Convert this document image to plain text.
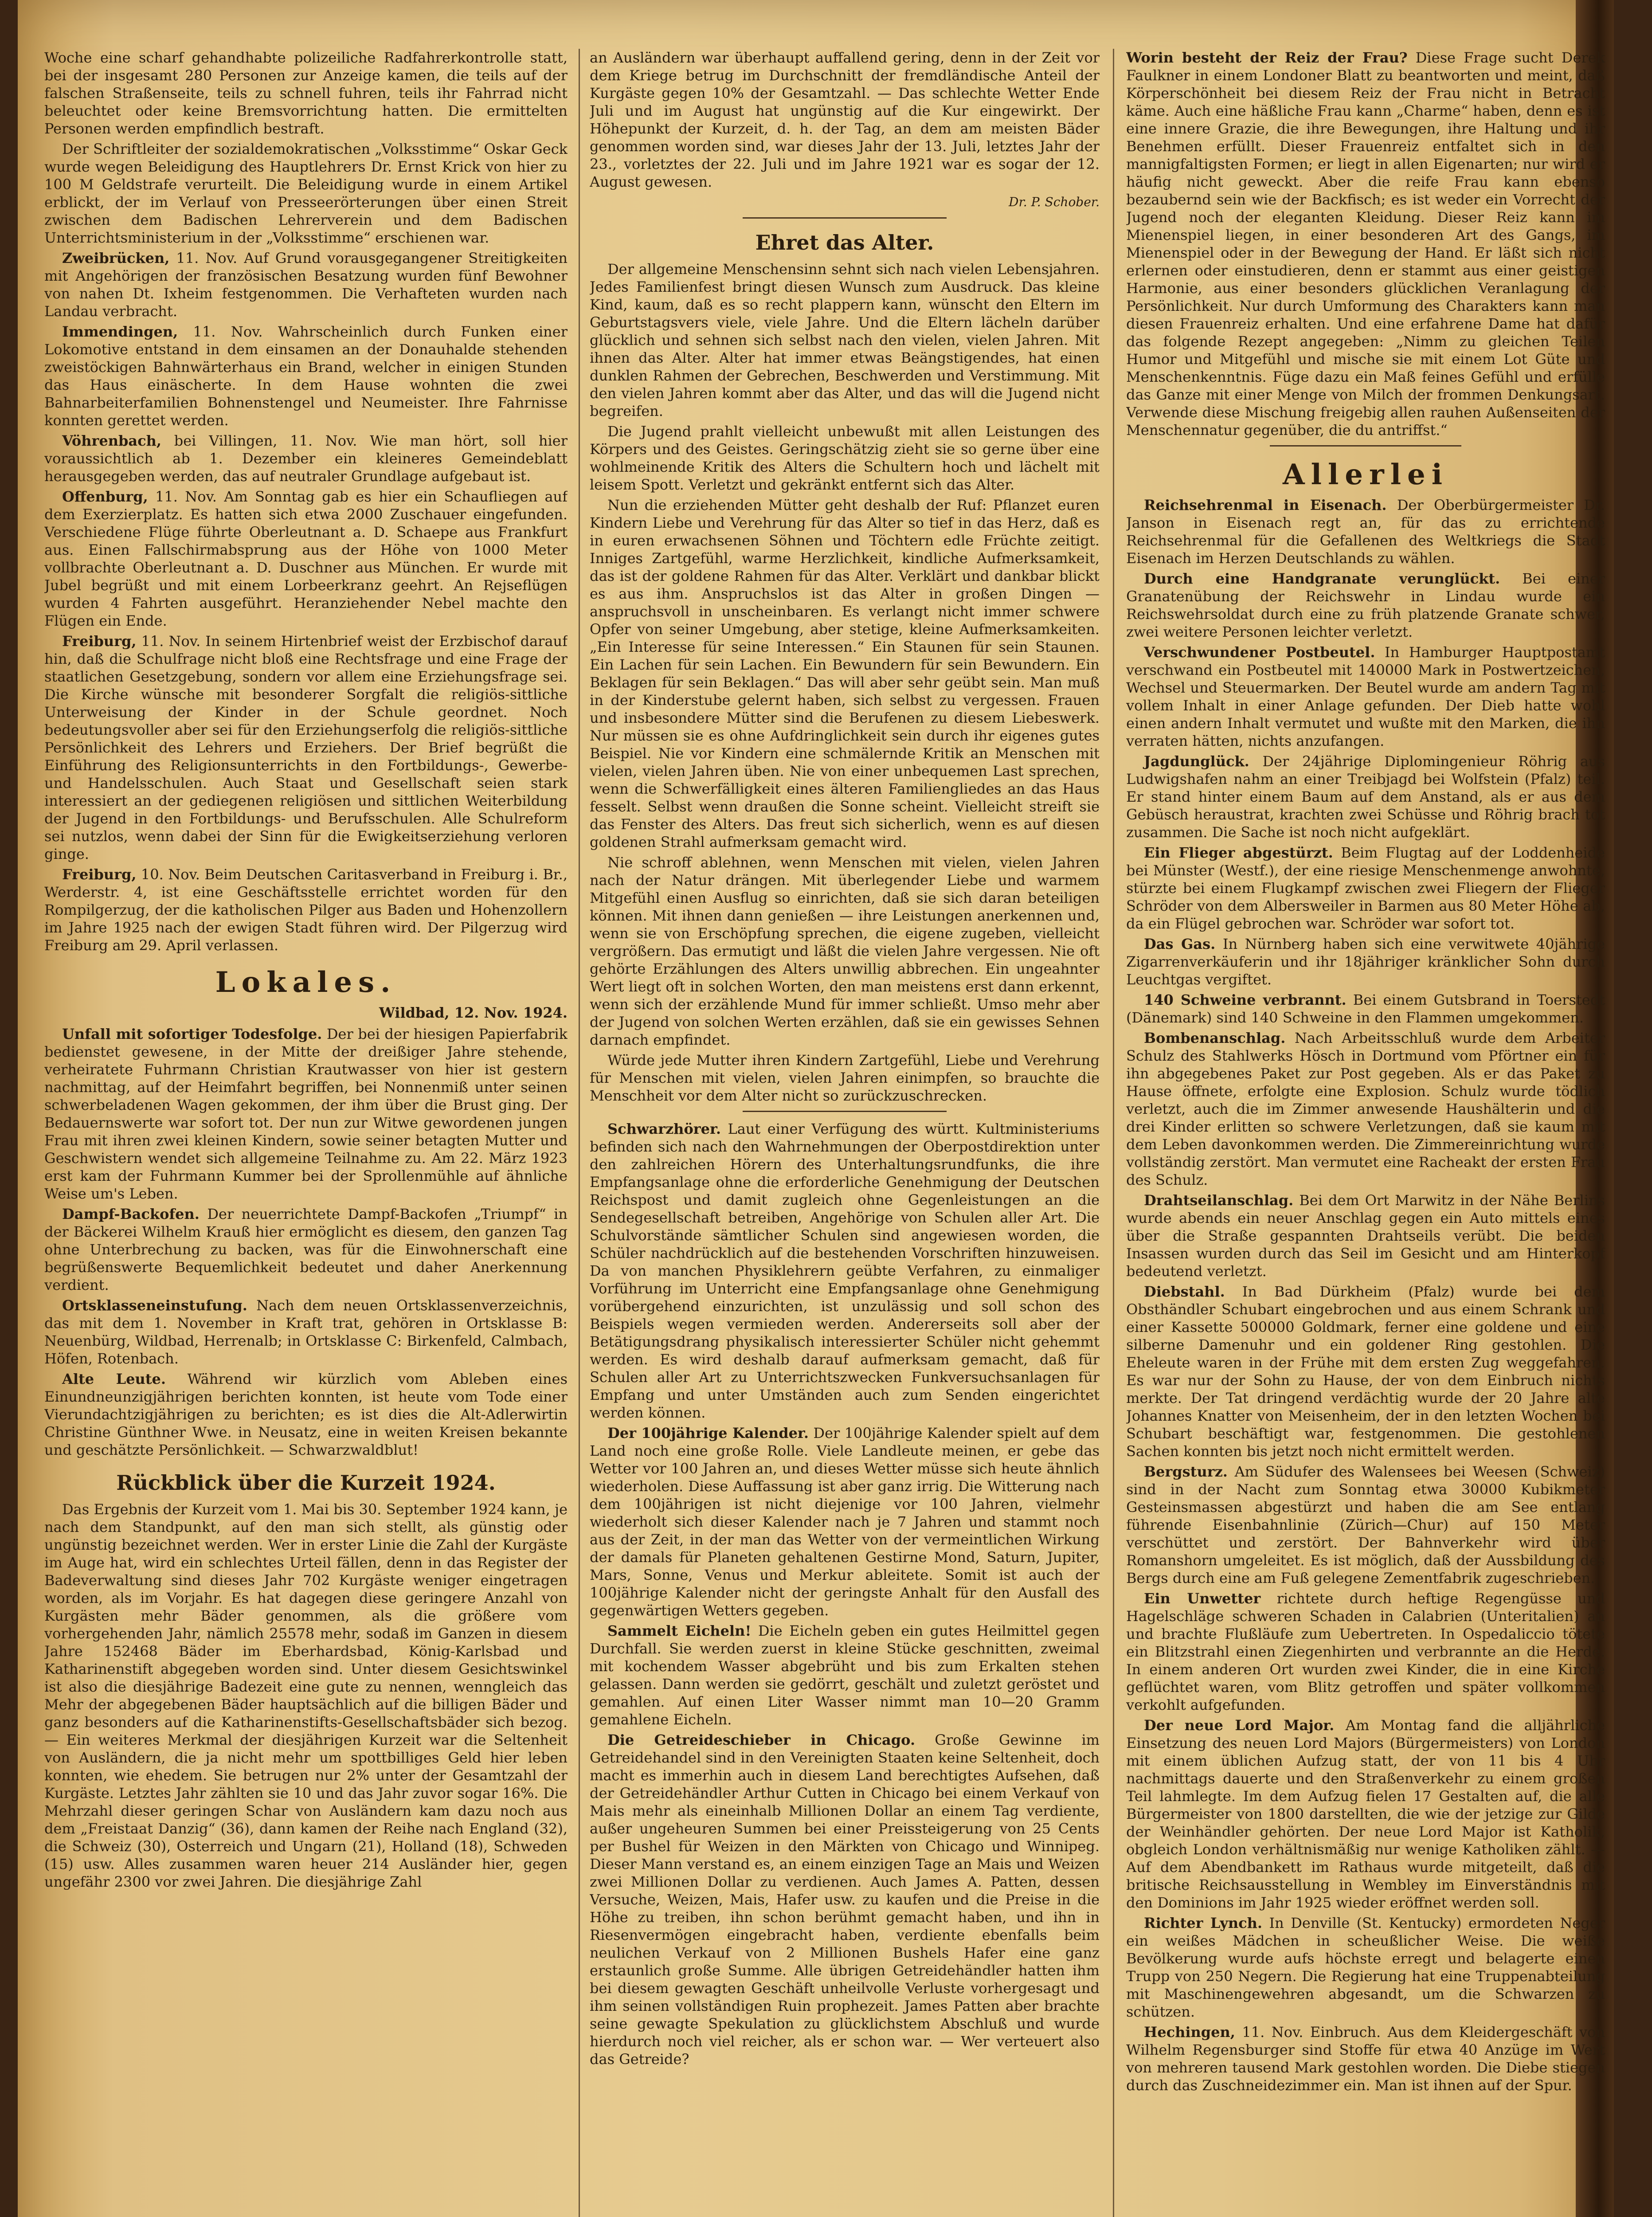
Woche eine scharf gehandhabte polizeiliche Radfahrerkontrolle statt, bei der insgesamt 280 Personen zur Anzeige kamen, die teils auf der falschen Straßenseite, teils zu schnell fuhren, teils ihr Fahrrad nicht beleuchtet oder keine Bremsvorrichtung hatten. Die ermittelten Personen werden empfindlich bestraft.

Der Schriftleiter der sozialdemokratischen „Volksstimme“ Oskar Geck wurde wegen Beleidigung des Hauptlehrers Dr. Ernst Krick von hier zu 100 M Geldstrafe verurteilt. Die Beleidigung wurde in einem Artikel erblickt, der im Verlauf von Presseerörterungen über einen Streit zwischen dem Badischen Lehrerverein und dem Badischen Unterrichtsministerium in der „Volksstimme“ erschienen war.

Zweibrücken, 11. Nov. Auf Grund vorausgegangener Streitigkeiten mit Angehörigen der französischen Besatzung wurden fünf Bewohner von nahen Dt. Ixheim festgenommen. Die Verhafteten wurden nach Landau verbracht.

Immendingen, 11. Nov. Wahrscheinlich durch Funken einer Lokomotive entstand in dem einsamen an der Donauhalde stehenden zweistöckigen Bahnwärterhaus ein Brand, welcher in einigen Stunden das Haus einäscherte. In dem Hause wohnten die zwei Bahnarbeiterfamilien Bohnenstengel und Neumeister. Ihre Fahrnisse konnten gerettet werden.

Vöhrenbach, bei Villingen, 11. Nov. Wie man hört, soll hier voraussichtlich ab 1. Dezember ein kleineres Gemeindeblatt herausgegeben werden, das auf neutraler Grundlage aufgebaut ist.

Offenburg, 11. Nov. Am Sonntag gab es hier ein Schaufliegen auf dem Exerzierplatz. Es hatten sich etwa 2000 Zuschauer eingefunden. Verschiedene Flüge führte Oberleutnant a. D. Schaepe aus Frankfurt aus. Einen Fallschirmabsprung aus der Höhe von 1000 Meter vollbrachte Oberleutnant a. D. Duschner aus München. Er wurde mit Jubel begrüßt und mit einem Lorbeerkranz geehrt. An Rejseflügen wurden 4 Fahrten ausgeführt. Heranziehender Nebel machte den Flügen ein Ende.

Freiburg, 11. Nov. In seinem Hirtenbrief weist der Erzbischof darauf hin, daß die Schulfrage nicht bloß eine Rechtsfrage und eine Frage der staatlichen Gesetzgebung, sondern vor allem eine Erziehungsfrage sei. Die Kirche wünsche mit besonderer Sorgfalt die religiös-sittliche Unterweisung der Kinder in der Schule geordnet. Noch bedeutungsvoller aber sei für den Erziehungserfolg die religiös-sittliche Persönlichkeit des Lehrers und Erziehers. Der Brief begrüßt die Einführung des Religionsunterrichts in den Fortbildungs-, Gewerbe- und Handelsschulen. Auch Staat und Gesellschaft seien stark interessiert an der gediegenen religiösen und sittlichen Weiterbildung der Jugend in den Fortbildungs- und Berufsschulen. Alle Schulreform sei nutzlos, wenn dabei der Sinn für die Ewigkeitserziehung verloren ginge.

Freiburg, 10. Nov. Beim Deutschen Caritasverband in Freiburg i. Br., Werderstr. 4, ist eine Geschäftsstelle errichtet worden für den Rompilgerzug, der die katholischen Pilger aus Baden und Hohenzollern im Jahre 1925 nach der ewigen Stadt führen wird. Der Pilgerzug wird Freiburg am 29. April verlassen.

Lokales.

Wildbad, 12. Nov. 1924.

Unfall mit sofortiger Todesfolge. Der bei der hiesigen Papierfabrik bedienstet gewesene, in der Mitte der dreißiger Jahre stehende, verheiratete Fuhrmann Christian Krautwasser von hier ist gestern nachmittag, auf der Heimfahrt begriffen, bei Nonnenmiß unter seinen schwerbeladenen Wagen gekommen, der ihm über die Brust ging. Der Bedauernswerte war sofort tot. Der nun zur Witwe gewordenen jungen Frau mit ihren zwei kleinen Kindern, sowie seiner betagten Mutter und Geschwistern wendet sich allgemeine Teilnahme zu. Am 22. März 1923 erst kam der Fuhrmann Kummer bei der Sprollenmühle auf ähnliche Weise um's Leben.

Dampf-Backofen. Der neuerrichtete Dampf-Backofen „Triumpf“ in der Bäckerei Wilhelm Krauß hier ermöglicht es diesem, den ganzen Tag ohne Unterbrechung zu backen, was für die Einwohnerschaft eine begrüßenswerte Bequemlichkeit bedeutet und daher Anerkennung verdient.

Ortsklasseneinstufung. Nach dem neuen Ortsklassenverzeichnis, das mit dem 1. November in Kraft trat, gehören in Ortsklasse B: Neuenbürg, Wildbad, Herrenalb; in Ortsklasse C: Birkenfeld, Calmbach, Höfen, Rotenbach.

Alte Leute. Während wir kürzlich vom Ableben eines Einundneunzigjährigen berichten konnten, ist heute vom Tode einer Vierundachtzigjährigen zu berichten; es ist dies die Alt-Adlerwirtin Christine Günthner Wwe. in Neusatz, eine in weiten Kreisen bekannte und geschätzte Persönlichkeit. — Schwarzwaldblut!

Rückblick über die Kurzeit 1924.

Das Ergebnis der Kurzeit vom 1. Mai bis 30. September 1924 kann, je nach dem Standpunkt, auf den man sich stellt, als günstig oder ungünstig bezeichnet werden. Wer in erster Linie die Zahl der Kurgäste im Auge hat, wird ein schlechtes Urteil fällen, denn in das Register der Badeverwaltung sind dieses Jahr 702 Kurgäste weniger eingetragen worden, als im Vorjahr. Es hat dagegen diese geringere Anzahl von Kurgästen mehr Bäder genommen, als die größere vom vorhergehenden Jahr, nämlich 25578 mehr, sodaß im Ganzen in diesem Jahre 152468 Bäder im Eberhardsbad, König-Karlsbad und Katharinenstift abgegeben worden sind. Unter diesem Gesichtswinkel ist also die diesjährige Badezeit eine gute zu nennen, wenngleich das Mehr der abgegebenen Bäder hauptsächlich auf die billigen Bäder und ganz besonders auf die Katharinenstifts-Gesellschaftsbäder sich bezog. — Ein weiteres Merkmal der diesjährigen Kurzeit war die Seltenheit von Ausländern, die ja nicht mehr um spottbilliges Geld hier leben konnten, wie ehedem. Sie betrugen nur 2% unter der Gesamtzahl der Kurgäste. Letztes Jahr zählten sie 10 und das Jahr zuvor sogar 16%. Die Mehrzahl dieser geringen Schar von Ausländern kam dazu noch aus dem „Freistaat Danzig“ (36), dann kamen der Reihe nach England (32), die Schweiz (30), Osterreich und Ungarn (21), Holland (18), Schweden (15) usw. Alles zusammen waren heuer 214 Ausländer hier, gegen ungefähr 2300 vor zwei Jahren. Die diesjährige Zahl

an Ausländern war überhaupt auffallend gering, denn in der Zeit vor dem Kriege betrug im Durchschnitt der fremdländische Anteil der Kurgäste gegen 10% der Gesamtzahl. — Das schlechte Wetter Ende Juli und im August hat ungünstig auf die Kur eingewirkt. Der Höhepunkt der Kurzeit, d. h. der Tag, an dem am meisten Bäder genommen worden sind, war dieses Jahr der 13. Juli, letztes Jahr der 23., vorletztes der 22. Juli und im Jahre 1921 war es sogar der 12. August gewesen.

Dr. P. Schober.

Ehret das Alter.

Der allgemeine Menschensinn sehnt sich nach vielen Lebensjahren. Jedes Familienfest bringt diesen Wunsch zum Ausdruck. Das kleine Kind, kaum, daß es so recht plappern kann, wünscht den Eltern im Geburtstagsvers viele, viele Jahre. Und die Eltern lächeln darüber glücklich und sehnen sich selbst nach den vielen, vielen Jahren. Mit ihnen das Alter. Alter hat immer etwas Beängstigendes, hat einen dunklen Rahmen der Gebrechen, Beschwerden und Verstimmung. Mit den vielen Jahren kommt aber das Alter, und das will die Jugend nicht begreifen.

Die Jugend prahlt vielleicht unbewußt mit allen Leistungen des Körpers und des Geistes. Geringschätzig zieht sie so gerne über eine wohlmeinende Kritik des Alters die Schultern hoch und lächelt mit leisem Spott. Verletzt und gekränkt entfernt sich das Alter.

Nun die erziehenden Mütter geht deshalb der Ruf: Pflanzet euren Kindern Liebe und Verehrung für das Alter so tief in das Herz, daß es in euren erwachsenen Söhnen und Töchtern edle Früchte zeitigt. Inniges Zartgefühl, warme Herzlichkeit, kindliche Aufmerksamkeit, das ist der goldene Rahmen für das Alter. Verklärt und dankbar blickt es aus ihm. Anspruchslos ist das Alter in großen Dingen — anspruchsvoll in unscheinbaren. Es verlangt nicht immer schwere Opfer von seiner Umgebung, aber stetige, kleine Aufmerksamkeiten. „Ein Interesse für seine Interessen.“ Ein Staunen für sein Staunen. Ein Lachen für sein Lachen. Ein Bewundern für sein Bewundern. Ein Beklagen für sein Beklagen.“ Das will aber sehr geübt sein. Man muß in der Kinderstube gelernt haben, sich selbst zu vergessen. Frauen und insbesondere Mütter sind die Berufenen zu diesem Liebeswerk. Nur müssen sie es ohne Aufdringlichkeit sein durch ihr eigenes gutes Beispiel. Nie vor Kindern eine schmälernde Kritik an Menschen mit vielen, vielen Jahren üben. Nie von einer unbequemen Last sprechen, wenn die Schwerfälligkeit eines älteren Familiengliedes an das Haus fesselt. Selbst wenn draußen die Sonne scheint. Vielleicht streift sie das Fenster des Alters. Das freut sich sicherlich, wenn es auf diesen goldenen Strahl aufmerksam gemacht wird.

Nie schroff ablehnen, wenn Menschen mit vielen, vielen Jahren nach der Natur drängen. Mit überlegender Liebe und warmem Mitgefühl einen Ausflug so einrichten, daß sie sich daran beteiligen können. Mit ihnen dann genießen — ihre Leistungen anerkennen und, wenn sie von Erschöpfung sprechen, die eigene zugeben, vielleicht vergrößern. Das ermutigt und läßt die vielen Jahre vergessen. Nie oft gehörte Erzählungen des Alters unwillig abbrechen. Ein ungeahnter Wert liegt oft in solchen Worten, den man meistens erst dann erkennt, wenn sich der erzählende Mund für immer schließt. Umso mehr aber der Jugend von solchen Werten erzählen, daß sie ein gewisses Sehnen darnach empfindet.

Würde jede Mutter ihren Kindern Zartgefühl, Liebe und Verehrung für Menschen mit vielen, vielen Jahren einimpfen, so brauchte die Menschheit vor dem Alter nicht so zurückzuschrecken.

Schwarzhörer. Laut einer Verfügung des württ. Kultministeriums befinden sich nach den Wahrnehmungen der Oberpostdirektion unter den zahlreichen Hörern des Unterhaltungsrundfunks, die ihre Empfangsanlage ohne die erforderliche Genehmigung der Deutschen Reichspost und damit zugleich ohne Gegenleistungen an die Sendegesellschaft betreiben, Angehörige von Schulen aller Art. Die Schulvorstände sämtlicher Schulen sind angewiesen worden, die Schüler nachdrücklich auf die bestehenden Vorschriften hinzuweisen. Da von manchen Physiklehrern geübte Verfahren, zu einmaliger Vorführung im Unterricht eine Empfangsanlage ohne Genehmigung vorübergehend einzurichten, ist unzulässig und soll schon des Beispiels wegen vermieden werden. Andererseits soll aber der Betätigungsdrang physikalisch interessierter Schüler nicht gehemmt werden. Es wird deshalb darauf aufmerksam gemacht, daß für Schulen aller Art zu Unterrichtszwecken Funkversuchsanlagen für Empfang und unter Umständen auch zum Senden eingerichtet werden können.

Der 100jährige Kalender. Der 100jährige Kalender spielt auf dem Land noch eine große Rolle. Viele Landleute meinen, er gebe das Wetter vor 100 Jahren an, und dieses Wetter müsse sich heute ähnlich wiederholen. Diese Auffassung ist aber ganz irrig. Die Witterung nach dem 100jährigen ist nicht diejenige vor 100 Jahren, vielmehr wiederholt sich dieser Kalender nach je 7 Jahren und stammt noch aus der Zeit, in der man das Wetter von der vermeintlichen Wirkung der damals für Planeten gehaltenen Gestirne Mond, Saturn, Jupiter, Mars, Sonne, Venus und Merkur ableitete. Somit ist auch der 100jährige Kalender nicht der geringste Anhalt für den Ausfall des gegenwärtigen Wetters gegeben.

Sammelt Eicheln! Die Eicheln geben ein gutes Heilmittel gegen Durchfall. Sie werden zuerst in kleine Stücke geschnitten, zweimal mit kochendem Wasser abgebrüht und bis zum Erkalten stehen gelassen. Dann werden sie gedörrt, geschält und zuletzt geröstet und gemahlen. Auf einen Liter Wasser nimmt man 10—20 Gramm gemahlene Eicheln.

Die Getreideschieber in Chicago. Große Gewinne im Getreidehandel sind in den Vereinigten Staaten keine Seltenheit, doch macht es immerhin auch in diesem Land berechtigtes Aufsehen, daß der Getreidehändler Arthur Cutten in Chicago bei einem Verkauf von Mais mehr als eineinhalb Millionen Dollar an einem Tag verdiente, außer ungeheuren Summen bei einer Preissteigerung von 25 Cents per Bushel für Weizen in den Märkten von Chicago und Winnipeg. Dieser Mann verstand es, an einem einzigen Tage an Mais und Weizen zwei Millionen Dollar zu verdienen. Auch James A. Patten, dessen Versuche, Weizen, Mais, Hafer usw. zu kaufen und die Preise in die Höhe zu treiben, ihn schon berühmt gemacht haben, und ihn in Riesenvermögen eingebracht haben, verdiente ebenfalls beim neulichen Verkauf von 2 Millionen Bushels Hafer eine ganz erstaunlich große Summe. Alle übrigen Getreidehändler hatten ihm bei diesem gewagten Geschäft unheilvolle Verluste vorhergesagt und ihm seinen vollständigen Ruin prophezeit. James Patten aber brachte seine gewagte Spekulation zu glücklichstem Abschluß und wurde hierdurch noch viel reicher, als er schon war. — Wer verteuert also das Getreide?

Worin besteht der Reiz der Frau? Diese Frage sucht Derek Faulkner in einem Londoner Blatt zu beantworten und meint, daß Körperschönheit bei diesem Reiz der Frau nicht in Betracht käme. Auch eine häßliche Frau kann „Charme“ haben, denn es ist eine innere Grazie, die ihre Bewegungen, ihre Haltung und ihr Benehmen erfüllt. Dieser Frauenreiz entfaltet sich in den mannigfaltigsten Formen; er liegt in allen Eigenarten; nur wird er häufig nicht geweckt. Aber die reife Frau kann ebenso bezaubernd sein wie der Backfisch; es ist weder ein Vorrecht der Jugend noch der eleganten Kleidung. Dieser Reiz kann im Mienenspiel liegen, in einer besonderen Art des Gangs, im Mienenspiel oder in der Bewegung der Hand. Er läßt sich nicht erlernen oder einstudieren, denn er stammt aus einer geistigen Harmonie, aus einer besonders glücklichen Veranlagung der Persönlichkeit. Nur durch Umformung des Charakters kann man diesen Frauenreiz erhalten. Und eine erfahrene Dame hat dafür das folgende Rezept angegeben: „Nimm zu gleichen Teilen Humor und Mitgefühl und mische sie mit einem Lot Güte und Menschenkenntnis. Füge dazu ein Maß feines Gefühl und erfülle das Ganze mit einer Menge von Milch der frommen Denkungsart. Verwende diese Mischung freigebig allen rauhen Außenseiten der Menschennatur gegenüber, die du antriffst.“

Allerlei

Reichsehrenmal in Eisenach. Der Oberbürgermeister Dr. Janson in Eisenach regt an, für das zu errichtende Reichsehrenmal für die Gefallenen des Weltkriegs die Stadt Eisenach im Herzen Deutschlands zu wählen.

Durch eine Handgranate verunglückt. Bei einer Granatenübung der Reichswehr in Lindau wurde ein Reichswehrsoldat durch eine zu früh platzende Granate schwer, zwei weitere Personen leichter verletzt.

Verschwundener Postbeutel. In Hamburger Hauptpostamt verschwand ein Postbeutel mit 140000 Mark in Postwertzeichen, Wechsel und Steuermarken. Der Beutel wurde am andern Tag mit vollem Inhalt in einer Anlage gefunden. Der Dieb hatte wohl einen andern Inhalt vermutet und wußte mit den Marken, die ihn verraten hätten, nichts anzufangen.

Jagdunglück. Der 24jährige Diplomingenieur Röhrig aus Ludwigshafen nahm an einer Treibjagd bei Wolfstein (Pfalz) teil. Er stand hinter einem Baum auf dem Anstand, als er aus dem Gebüsch heraustrat, krachten zwei Schüsse und Röhrig brach tot zusammen. Die Sache ist noch nicht aufgeklärt.

Ein Flieger abgestürzt. Beim Flugtag auf der Loddenheide bei Münster (Westf.), der eine riesige Menschenmenge anwohnte, stürzte bei einem Flugkampf zwischen zwei Fliegern der Flieger Schröder von dem Albersweiler in Barmen aus 80 Meter Höhe ab, da ein Flügel gebrochen war. Schröder war sofort tot.

Das Gas. In Nürnberg haben sich eine verwitwete 40jährige Zigarrenverkäuferin und ihr 18jähriger kränklicher Sohn durch Leuchtgas vergiftet.

140 Schweine verbrannt. Bei einem Gutsbrand in Toerstedt (Dänemark) sind 140 Schweine in den Flammen umgekommen.

Bombenanschlag. Nach Arbeitsschluß wurde dem Arbeiter Schulz des Stahlwerks Hösch in Dortmund vom Pförtner ein für ihn abgegebenes Paket zur Post gegeben. Als er das Paket zu Hause öffnete, erfolgte eine Explosion. Schulz wurde tödlich verletzt, auch die im Zimmer anwesende Haushälterin und die drei Kinder erlitten so schwere Verletzungen, daß sie kaum mit dem Leben davonkommen werden. Die Zimmereinrichtung wurde vollständig zerstört. Man vermutet eine Racheakt der ersten Frau des Schulz.

Drahtseilanschlag. Bei dem Ort Marwitz in der Nähe Berlins wurde abends ein neuer Anschlag gegen ein Auto mittels eines über die Straße gespannten Drahtseils verübt. Die beiden Insassen wurden durch das Seil im Gesicht und am Hinterkopf bedeutend verletzt.

Diebstahl. In Bad Dürkheim (Pfalz) wurde bei dem Obsthändler Schubart eingebrochen und aus einem Schrank und einer Kassette 500000 Goldmark, ferner eine goldene und eine silberne Damenuhr und ein goldener Ring gestohlen. Die Eheleute waren in der Frühe mit dem ersten Zug weggefahren. Es war nur der Sohn zu Hause, der von dem Einbruch nichts merkte. Der Tat dringend verdächtig wurde der 20 Jahre alte Johannes Knatter von Meisenheim, der in den letzten Wochen bei Schubart beschäftigt war, festgenommen. Die gestohlenen Sachen konnten bis jetzt noch nicht ermittelt werden.

Bergsturz. Am Südufer des Walensees bei Weesen (Schweiz) sind in der Nacht zum Sonntag etwa 30000 Kubikmeter Gesteinsmassen abgestürzt und haben die am See entlang führende Eisenbahnlinie (Zürich—Chur) auf 150 Meter verschüttet und zerstört. Der Bahnverkehr wird über Romanshorn umgeleitet. Es ist möglich, daß der Aussbildung des Bergs durch eine am Fuß gelegene Zementfabrik zugeschrieben.

Ein Unwetter richtete durch heftige Regengüsse und Hagelschläge schweren Schaden in Calabrien (Unteritalien) an und brachte Flußläufe zum Uebertreten. In Ospedaliccio tötete ein Blitzstrahl einen Ziegenhirten und verbrannte an die Herde. In einem anderen Ort wurden zwei Kinder, die in eine Kirche geflüchtet waren, vom Blitz getroffen und später vollkommen verkohlt aufgefunden.

Der neue Lord Major. Am Montag fand die alljährliche Einsetzung des neuen Lord Majors (Bürgermeisters) von London mit einem üblichen Aufzug statt, der von 11 bis 4 Uhr nachmittags dauerte und den Straßenverkehr zu einem großen Teil lahmlegte. Im dem Aufzug fielen 17 Gestalten auf, die alle Bürgermeister von 1800 darstellten, die wie der jetzige zur Gilde der Weinhändler gehörten. Der neue Lord Major ist Katholik, obgleich London verhältnismäßig nur wenige Katholiken zählt. — Auf dem Abendbankett im Rathaus wurde mitgeteilt, daß die britische Reichsausstellung in Wembley im Einverständnis mit den Dominions im Jahr 1925 wieder eröffnet werden soll.

Richter Lynch. In Denville (St. Kentucky) ermordeten Neger ein weißes Mädchen in scheußlicher Weise. Die weiße Bevölkerung wurde aufs höchste erregt und belagerte einen Trupp von 250 Negern. Die Regierung hat eine Truppenabteilung mit Maschinengewehren abgesandt, um die Schwarzen zu schützen.

Hechingen, 11. Nov. Einbruch. Aus dem Kleidergeschäft von Wilhelm Regensburger sind Stoffe für etwa 40 Anzüge im Wert von mehreren tausend Mark gestohlen worden. Die Diebe stiegen durch das Zuschneidezimmer ein. Man ist ihnen auf der Spur.
